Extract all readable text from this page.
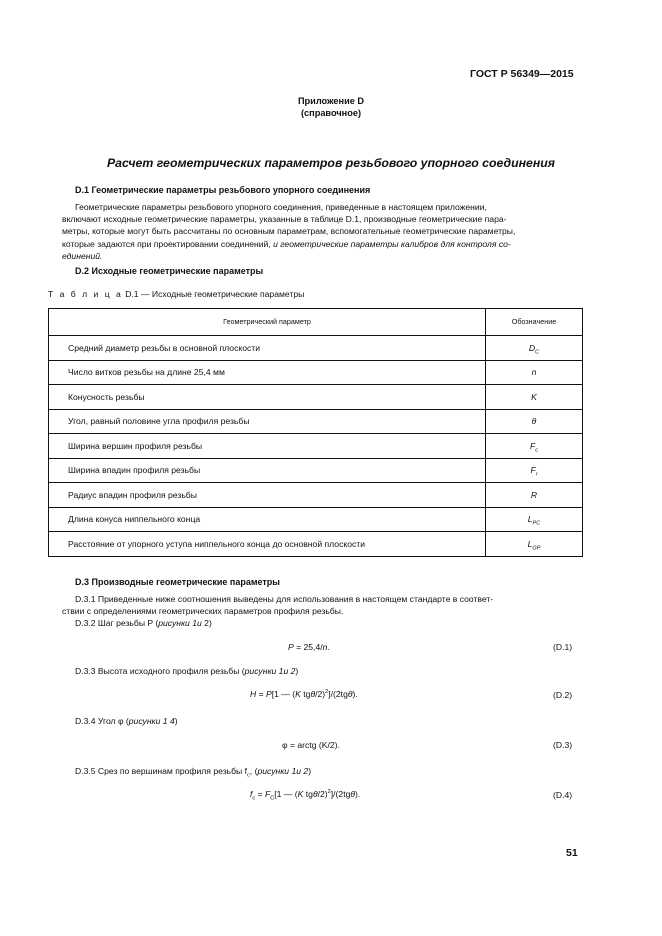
ГОСТ Р 56349—2015
Приложение D
(справочное)
Расчет геометрических параметров резьбового упорного соединения
D.1 Геометрические параметры резьбового упорного соединения

Геометрические параметры резьбового упорного соединения, приведенные в настоящем приложении,

включают исходные геометрические параметры, указанные в таблице D.1, производные геометрические пара-
метры, которые могут быть рассчитаны по основным параметрам, вспомогательные геометрические параметры,
которые задаются при проектировании соединений, и геометрические параметры калибров для контроля со-
единений.
D.2 Исходные геометрические параметры
Т а б л и ц а D.1 — Исходные геометрические параметры
Геометрический параметр	Обозначение
Средний диаметр резьбы в основной плоскости	$D_C$
Число витков резьбы на длине 25,4 мм	n
Конусность резьбы	K
Угол, равный половине угла профиля резьбы	θ
Ширина вершин профиля резьбы	$F_c$
Ширина впадин профиля резьбы	$F_r$
Радиус впадин профиля резьбы	R
Длина конуса ниппельного конца	$L_{PC}$
Расстояние от упорного уступа ниппельного конца до основной плоскости	$L_{GP}$
D.3 Производные геометрические параметры

D.3.1 Приведенные ниже соотношения выведены для использования в настоящем стандарте в соответ-

ствии с определениями геометрических параметров профиля резьбы.
D.3.2 Шаг резьбы P (рисунки 1и 2)
P = 25,4/n.	(D.1)
D.3.3 Высота исходного профиля резьбы (рисунки 1и 2)
H = P[1 — (K tgθ/2)$^2$]/(2tgθ).	(D.2)
D.3.4 Угол φ (рисунки 1 4)
φ = arctg (K/2).	(D.3)
D.3.5 Срез по вершинам профиля резьбы $f_c$, (рисунки 1и 2)
$f_c = F_C[1$ — (K tgθ/2)$^2$]/(2tgθ).	(D.4)
51
